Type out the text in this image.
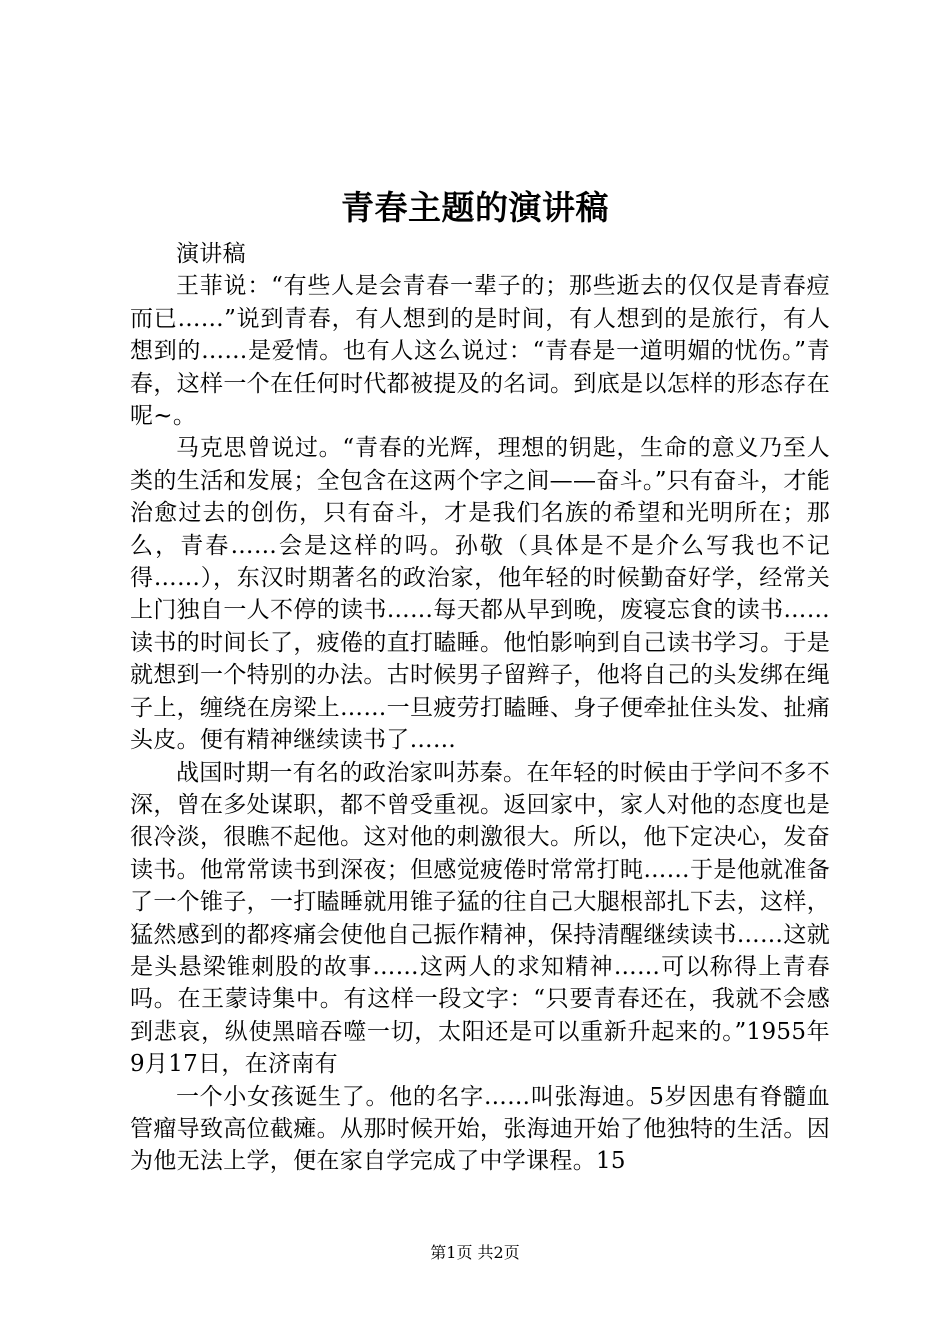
青春主题的演讲稿

演讲稿

王菲说：“有些人是会青春一辈子的；那些逝去的仅仅是青春痘而已……”说到青春，有人想到的是时间，有人想到的是旅行，有人想到的……是爱情。也有人这么说过：“青春是一道明媚的忧伤。”青春，这样一个在任何时代都被提及的名词。到底是以怎样的形态存在呢~。

马克思曾说过。“青春的光辉，理想的钥匙，生命的意义乃至人类的生活和发展；全包含在这两个字之间——奋斗。”只有奋斗，才能治愈过去的创伤，只有奋斗，才是我们名族的希望和光明所在；那么，青春……会是这样的吗。孙敬（具体是不是介么写我也不记得……），东汉时期著名的政治家，他年轻的时候勤奋好学，经常关上门独自一人不停的读书……每天都从早到晚，废寝忘食的读书……读书的时间长了，疲倦的直打瞌睡。他怕影响到自己读书学习。于是就想到一个特别的办法。古时候男子留辫子，他将自己的头发绑在绳子上，缠绕在房梁上……一旦疲劳打瞌睡、身子便牵扯住头发、扯痛头皮。便有精神继续读书了……

战国时期一有名的政治家叫苏秦。在年轻的时候由于学问不多不深，曾在多处谋职，都不曾受重视。返回家中，家人对他的态度也是很冷淡，很瞧不起他。这对他的刺激很大。所以，他下定决心，发奋读书。他常常读书到深夜；但感觉疲倦时常常打盹……于是他就准备了一个锥子，一打瞌睡就用锥子猛的往自己大腿根部扎下去，这样，猛然感到的都疼痛会使他自己振作精神，保持清醒继续读书……这就是头悬梁锥刺股的故事……这两人的求知精神……可以称得上青春吗。在王蒙诗集中。有这样一段文字：“只要青春还在，我就不会感到悲哀，纵使黑暗吞噬一切，太阳还是可以重新升起来的。”1955年9月17日，在济南有

一个小女孩诞生了。他的名字……叫张海迪。5岁因患有脊髓血管瘤导致高位截瘫。从那时候开始，张海迪开始了他独特的生活。因为他无法上学，便在家自学完成了中学课程。15

第1页 共2页
